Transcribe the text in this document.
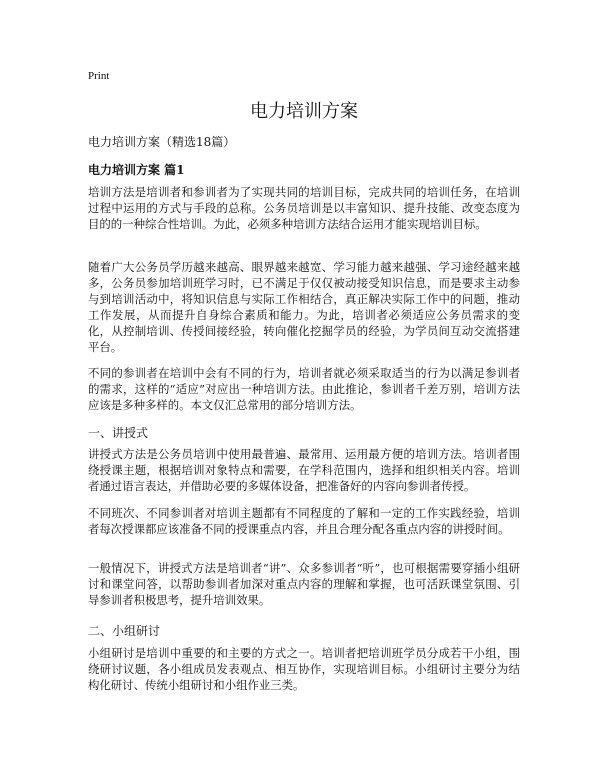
Print
电力培训方案
电力培训方案（精选18篇）
电力培训方案 篇1

培训方法是培训者和参训者为了实现共同的培训目标，完成共同的培训任务，在培训过程中运用的方式与手段的总称。公务员培训是以丰富知识、提升技能、改变态度为目的的一种综合性培训。为此，必须多种培训方法结合运用才能实现培训目标。

随着广大公务员学历越来越高、眼界越来越宽、学习能力越来越强、学习途经越来越多，公务员参加培训班学习时，已不满足于仅仅被动接受知识信息，而是要求主动参与到培训活动中，将知识信息与实际工作相结合，真正解决实际工作中的问题，推动工作发展，从而提升自身综合素质和能力。为此，培训者必须适应公务员需求的变化，从控制培训、传授间接经验，转向催化挖掘学员的经验，为学员间互动交流搭建平台。

不同的参训者在培训中会有不同的行为，培训者就必须采取适当的行为以满足参训者的需求，这样的“适应”对应出一种培训方法。由此推论，参训者千差万别，培训方法应该是多种多样的。本文仅汇总常用的部分培训方法。

一、讲授式

讲授式方法是公务员培训中使用最普遍、最常用、运用最方便的培训方法。培训者围绕授课主题，根据培训对象特点和需要，在学科范围内，选择和组织相关内容。培训者通过语言表达，并借助必要的多媒体设备，把准备好的内容向参训者传授。

不同班次、不同参训者对培训主题都有不同程度的了解和一定的工作实践经验，培训者每次授课都应该准备不同的授课重点内容，并且合理分配各重点内容的讲授时间。

一般情况下，讲授式方法是培训者“讲”、众多参训者“听”，也可根据需要穿插小组研讨和课堂问答，以帮助参训者加深对重点内容的理解和掌握，也可活跃课堂氛围、引导参训者积极思考，提升培训效果。

二、小组研讨

小组研讨是培训中重要的和主要的方式之一。培训者把培训班学员分成若干小组，围绕研讨议题，各小组成员发表观点、相互协作，实现培训目标。小组研讨主要分为结构化研讨、传统小组研讨和小组作业三类。
